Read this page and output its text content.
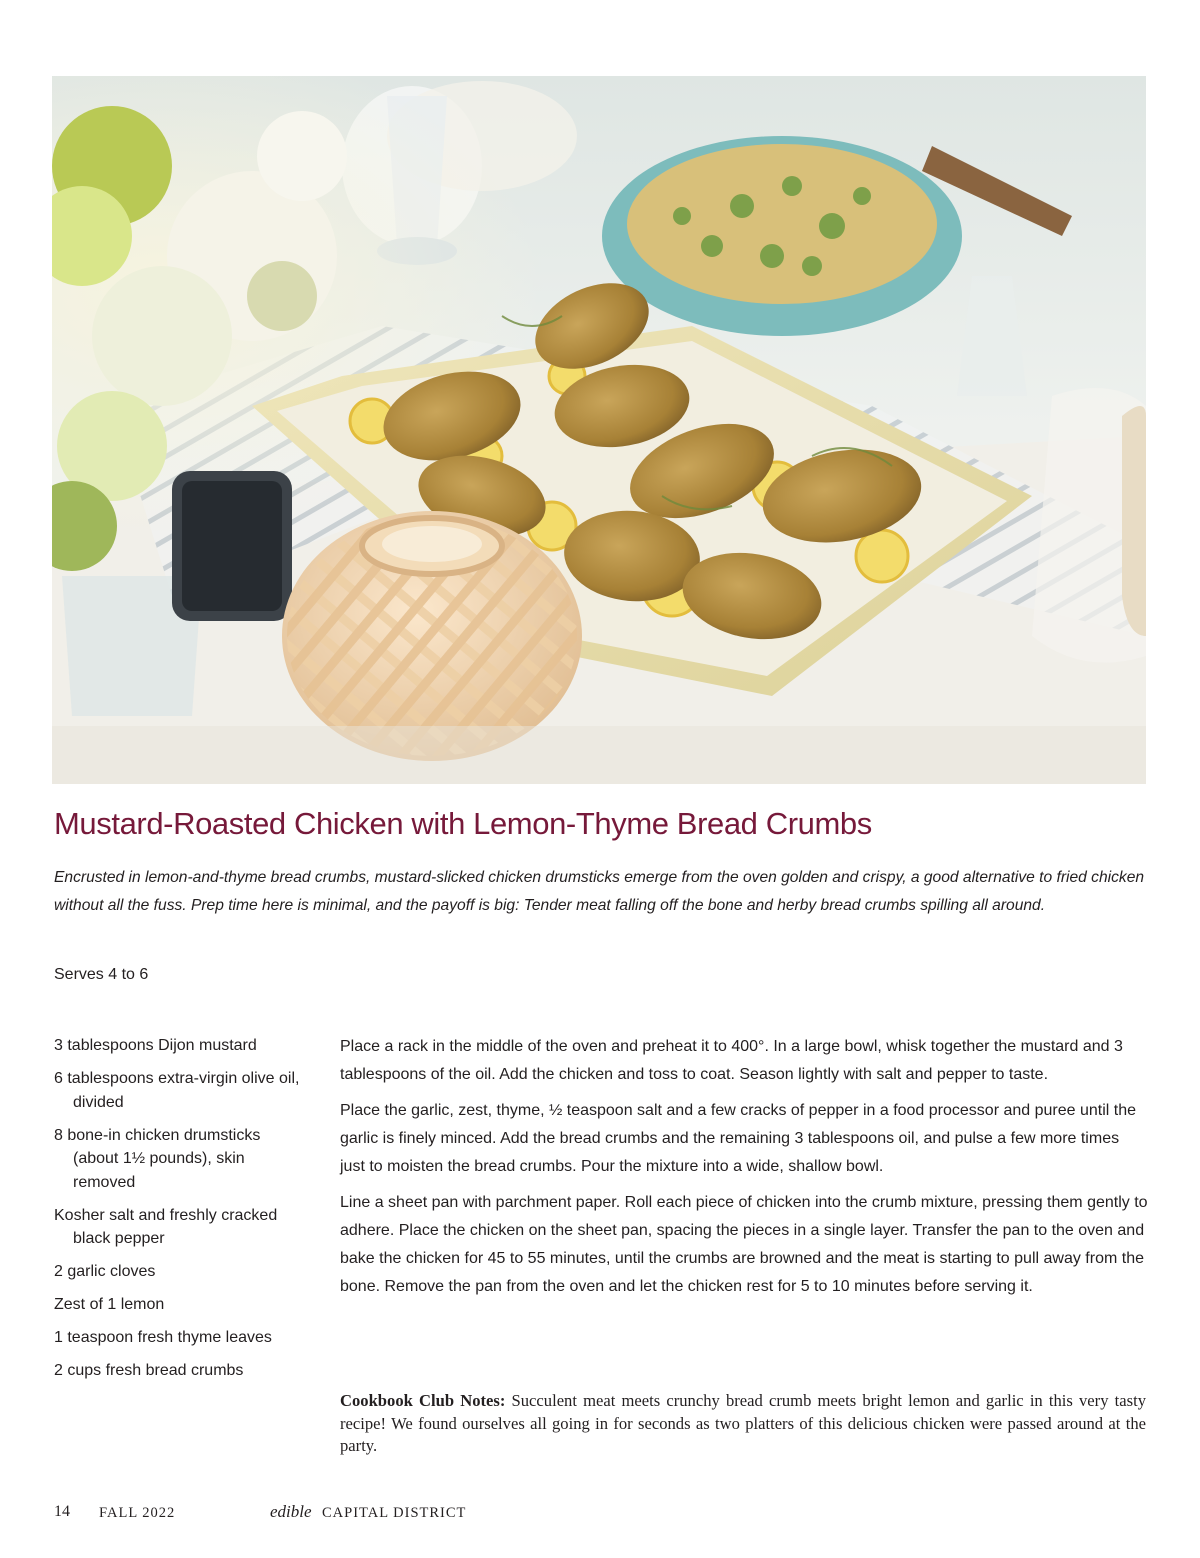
Mustard-Roasted Chicken with Lemon-Thyme Bread Crumbs

Encrusted in lemon-and-thyme bread crumbs, mustard-slicked chicken drumsticks emerge from the oven golden and crispy, a good alternative to fried chicken without all the fuss. Prep time here is minimal, and the payoff is big: Tender meat falling off the bone and herby bread crumbs spilling all around.

Serves 4 to 6

3 tablespoons Dijon mustard
6 tablespoons extra-virgin olive oil, divided
8 bone-in chicken drumsticks (about 1½ pounds), skin removed
Kosher salt and freshly cracked black pepper
2 garlic cloves
Zest of 1 lemon
1 teaspoon fresh thyme leaves
2 cups fresh bread crumbs

Place a rack in the middle of the oven and preheat it to 400°. In a large bowl, whisk together the mustard and 3 tablespoons of the oil. Add the chicken and toss to coat. Season lightly with salt and pepper to taste.

Place the garlic, zest, thyme, ½ teaspoon salt and a few cracks of pepper in a food processor and puree until the garlic is finely minced. Add the bread crumbs and the remaining 3 tablespoons oil, and pulse a few more times just to moisten the bread crumbs. Pour the mixture into a wide, shallow bowl.

Line a sheet pan with parchment paper. Roll each piece of chicken into the crumb mixture, pressing them gently to adhere. Place the chicken on the sheet pan, spacing the pieces in a single layer. Transfer the pan to the oven and bake the chicken for 45 to 55 minutes, until the crumbs are browned and the meat is starting to pull away from the bone. Remove the pan from the oven and let the chicken rest for 5 to 10 minutes before serving it.

Cookbook Club Notes: Succulent meat meets crunchy bread crumb meets bright lemon and garlic in this very tasty recipe! We found ourselves all going in for seconds as two platters of this delicious chicken were passed around at the party.

14 FALL 2022	edible CAPITAL DISTRICT
